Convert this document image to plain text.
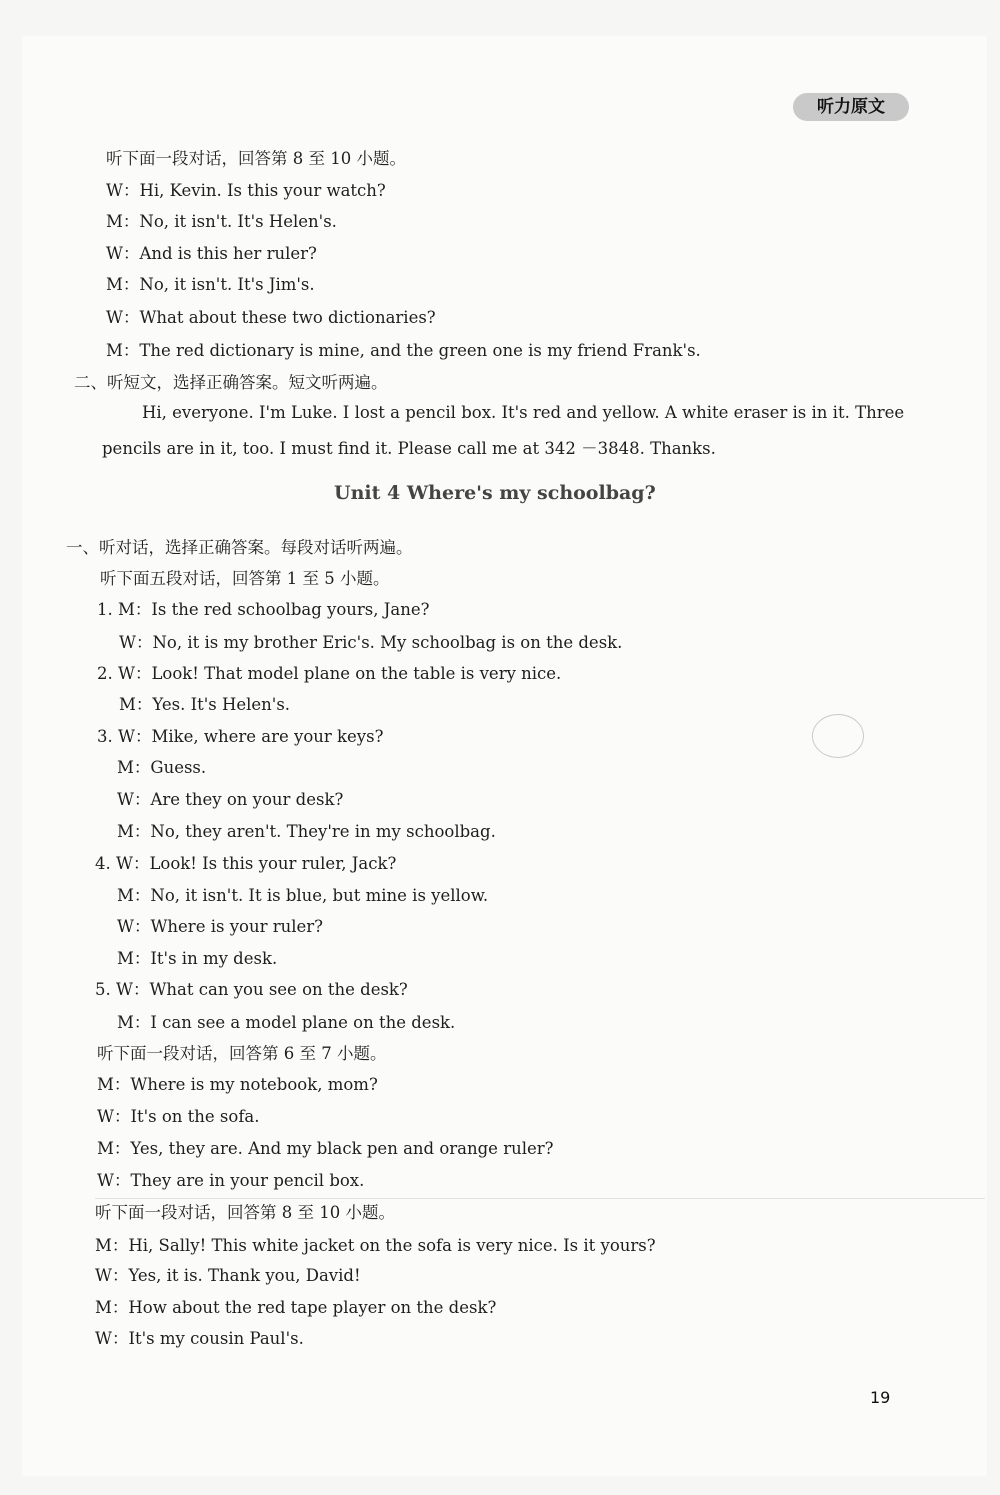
听力原文
Unit 4 Where's my schoolbag?
听下面一段对话，回答第 8 至 10 小题。
W：Hi, Kevin. Is this your watch?
M：No, it isn't. It's Helen's.
W：And is this her ruler?
M：No, it isn't. It's Jim's.
W：What about these two dictionaries?
M：The red dictionary is mine, and the green one is my friend Frank's.
二、听短文，选择正确答案。短文听两遍。
Hi, everyone. I'm Luke. I lost a pencil box. It's red and yellow. A white eraser is in it. Three
pencils are in it, too. I must find it. Please call me at 342 －3848. Thanks.
一、听对话，选择正确答案。每段对话听两遍。
听下面五段对话，回答第 1 至 5 小题。
1. M：Is the red schoolbag yours, Jane?
W：No, it is my brother Eric's. My schoolbag is on the desk.
2. W：Look! That model plane on the table is very nice.
M：Yes. It's Helen's.
3. W：Mike, where are your keys?
M：Guess.
W：Are they on your desk?
M：No, they aren't. They're in my schoolbag.
4. W：Look! Is this your ruler, Jack?
M：No, it isn't. It is blue, but mine is yellow.
W：Where is your ruler?
M：It's in my desk.
5. W：What can you see on the desk?
M：I can see a model plane on the desk.
听下面一段对话，回答第 6 至 7 小题。
M：Where is my notebook, mom?
W：It's on the sofa.
M：Yes, they are. And my black pen and orange ruler?
W：They are in your pencil box.
听下面一段对话，回答第 8 至 10 小题。
M：Hi, Sally! This white jacket on the sofa is very nice. Is it yours?
W：Yes, it is. Thank you, David!
M：How about the red tape player on the desk?
W：It's my cousin Paul's.
19
